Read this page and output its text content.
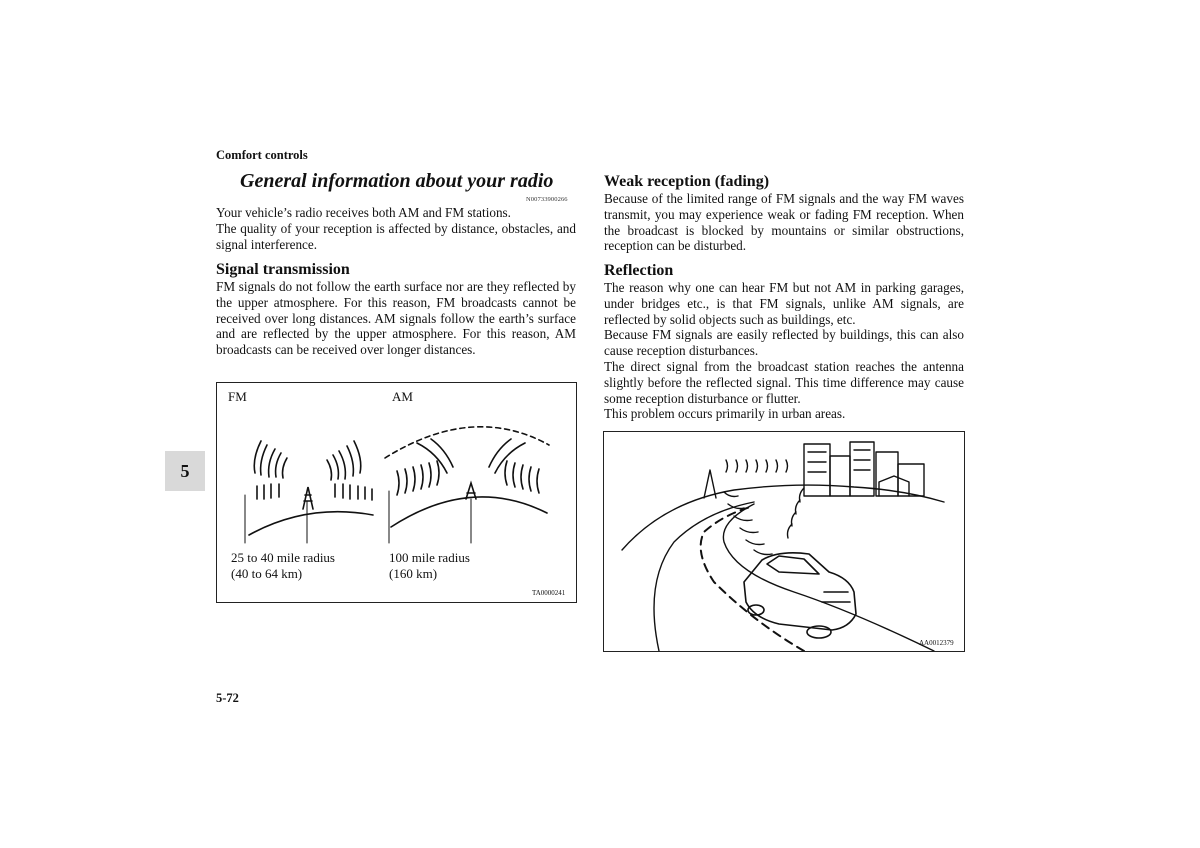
Comfort controls
5
General information about your radio
N00733900266
Your vehicle’s radio receives both AM and FM stations.
The quality of your reception is affected by distance, obstacles, and signal interference.
Signal transmission
FM signals do not follow the earth surface nor are they reflected by the upper atmosphere. For this reason, FM broadcasts cannot be received over long distances. AM signals follow the earth’s surface and are reflected by the upper atmosphere. For this reason, AM broadcasts can be received over longer distances.
FM	AM
25 to 40 mile radius
(40 to 64 km)
100 mile radius
(160 km)
TA0000241
Weak reception (fading)
Because of the limited range of FM signals and the way FM waves transmit, you may experience weak or fading FM reception. When the broadcast is blocked by mountains or similar obstructions, reception can be disturbed.
Reflection
The reason why one can hear FM but not AM in parking garages, under bridges etc., is that FM signals, unlike AM signals, are reflected by solid objects such as buildings, etc.
Because FM signals are easily reflected by buildings, this can also cause reception disturbances.
The direct signal from the broadcast station reaches the antenna slightly before the reflected signal. This time difference may cause some reception disturbance or flutter.
This problem occurs primarily in urban areas.
AA0012379
5-72
